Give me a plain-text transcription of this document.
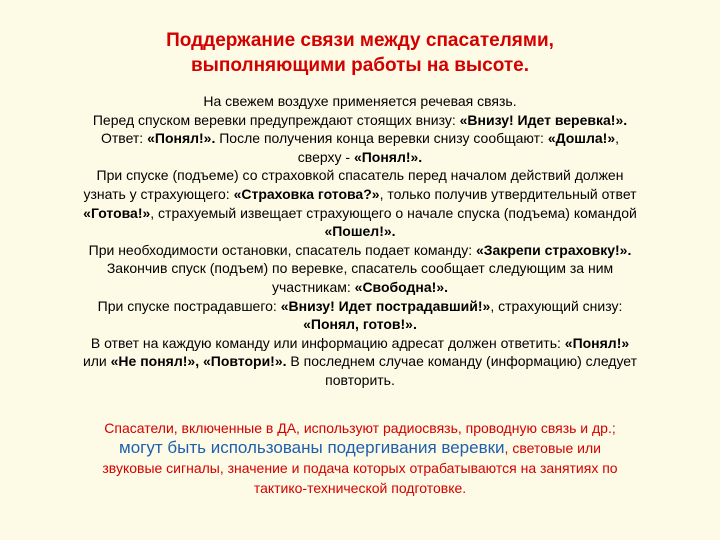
Поддержание связи между спасателями,
выполняющими работы на высоте.

На свежем воздухе применяется речевая связь.

Перед спуском веревки предупреждают стоящих внизу: «Внизу! Идет веревка!».

Ответ: «Понял!». После получения конца веревки снизу сообщают: «Дошла!»,

сверху - «Понял!».

При спуске (подъеме) со страховкой спасатель перед началом действий должен

узнать у страхующего: «Страховка готова?», только получив утвердительный ответ

«Готова!», страхуемый извещает страхующего о начале спуска (подъема) командой

«Пошел!».

При необходимости остановки, спасатель подает команду: «Закрепи страховку!».

Закончив спуск (подъем) по веревке, спасатель сообщает следующим за ним

участникам: «Свободна!».

При спуске пострадавшего: «Внизу! Идет пострадавший!», страхующий снизу:

«Понял, готов!».

В ответ на каждую команду или информацию адресат должен ответить: «Понял!»

или «Не понял!», «Повтори!». В последнем случае команду (информацию) следует

повторить.

Спасатели, включенные в ДА, используют радиосвязь, проводную связь и др.;

могут быть использованы подергивания веревки, световые или

звуковые сигналы, значение и подача которых отрабатываются на занятиях по

тактико-технической подготовке.
